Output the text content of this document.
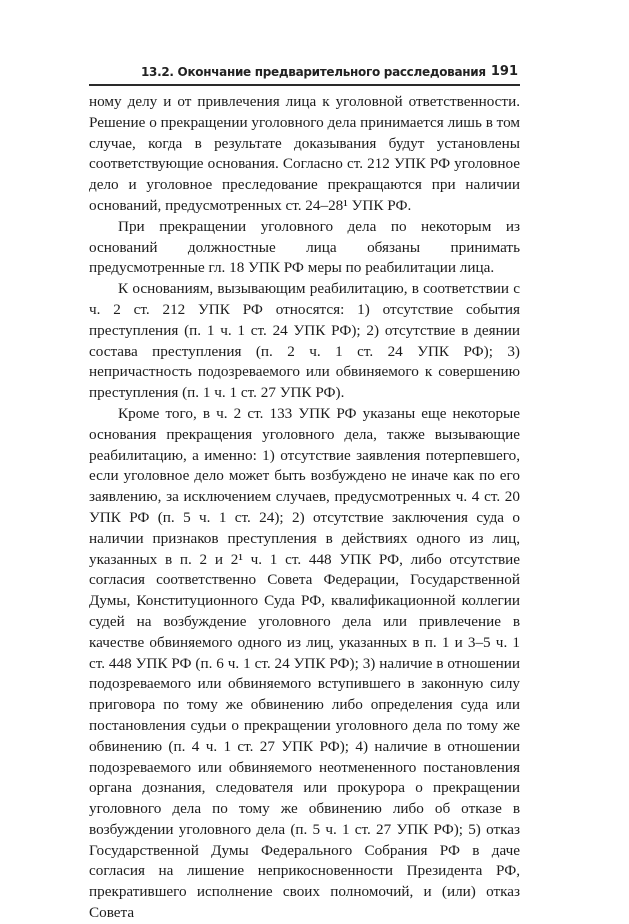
13.2. Окончание предварительного расследования 191

ному делу и от привлечения лица к уголовной ответственности. Решение о прекращении уголовного дела принимается лишь в том случае, когда в результате доказывания будут установлены соответствующие основания. Согласно ст. 212 УПК РФ уголовное дело и уголовное преследование прекращаются при наличии оснований, предусмотренных ст. 24–28¹ УПК РФ.

При прекращении уголовного дела по некоторым из оснований должностные лица обязаны принимать предусмотренные гл. 18 УПК РФ меры по реабилитации лица.

К основаниям, вызывающим реабилитацию, в соответствии с ч. 2 ст. 212 УПК РФ относятся: 1) отсутствие события преступления (п. 1 ч. 1 ст. 24 УПК РФ); 2) отсутствие в деянии состава преступления (п. 2 ч. 1 ст. 24 УПК РФ); 3) непричастность подозреваемого или обвиняемого к совершению преступления (п. 1 ч. 1 ст. 27 УПК РФ).

Кроме того, в ч. 2 ст. 133 УПК РФ указаны еще некоторые основания прекращения уголовного дела, также вызывающие реабилитацию, а именно: 1) отсутствие заявления потерпевшего, если уголовное дело может быть возбуждено не иначе как по его заявлению, за исключением случаев, предусмотренных ч. 4 ст. 20 УПК РФ (п. 5 ч. 1 ст. 24); 2) отсутствие заключения суда о наличии признаков преступления в действиях одного из лиц, указанных в п. 2 и 2¹ ч. 1 ст. 448 УПК РФ, либо отсутствие согласия соответственно Совета Федерации, Государственной Думы, Конституционного Суда РФ, квалификационной коллегии судей на возбуждение уголовного дела или привлечение в качестве обвиняемого одного из лиц, указанных в п. 1 и 3–5 ч. 1 ст. 448 УПК РФ (п. 6 ч. 1 ст. 24 УПК РФ); 3) наличие в отношении подозреваемого или обвиняемого вступившего в законную силу приговора по тому же обвинению либо определения суда или постановления судьи о прекращении уголовного дела по тому же обвинению (п. 4 ч. 1 ст. 27 УПК РФ); 4) наличие в отношении подозреваемого или обвиняемого неотмененного постановления органа дознания, следователя или прокурора о прекращении уголовного дела по тому же обвинению либо об отказе в возбуждении уголовного дела (п. 5 ч. 1 ст. 27 УПК РФ); 5) отказ Государственной Думы Федерального Собрания РФ в даче согласия на лишение неприкосновенности Президента РФ, прекратившего исполнение своих полномочий, и (или) отказ Совета
